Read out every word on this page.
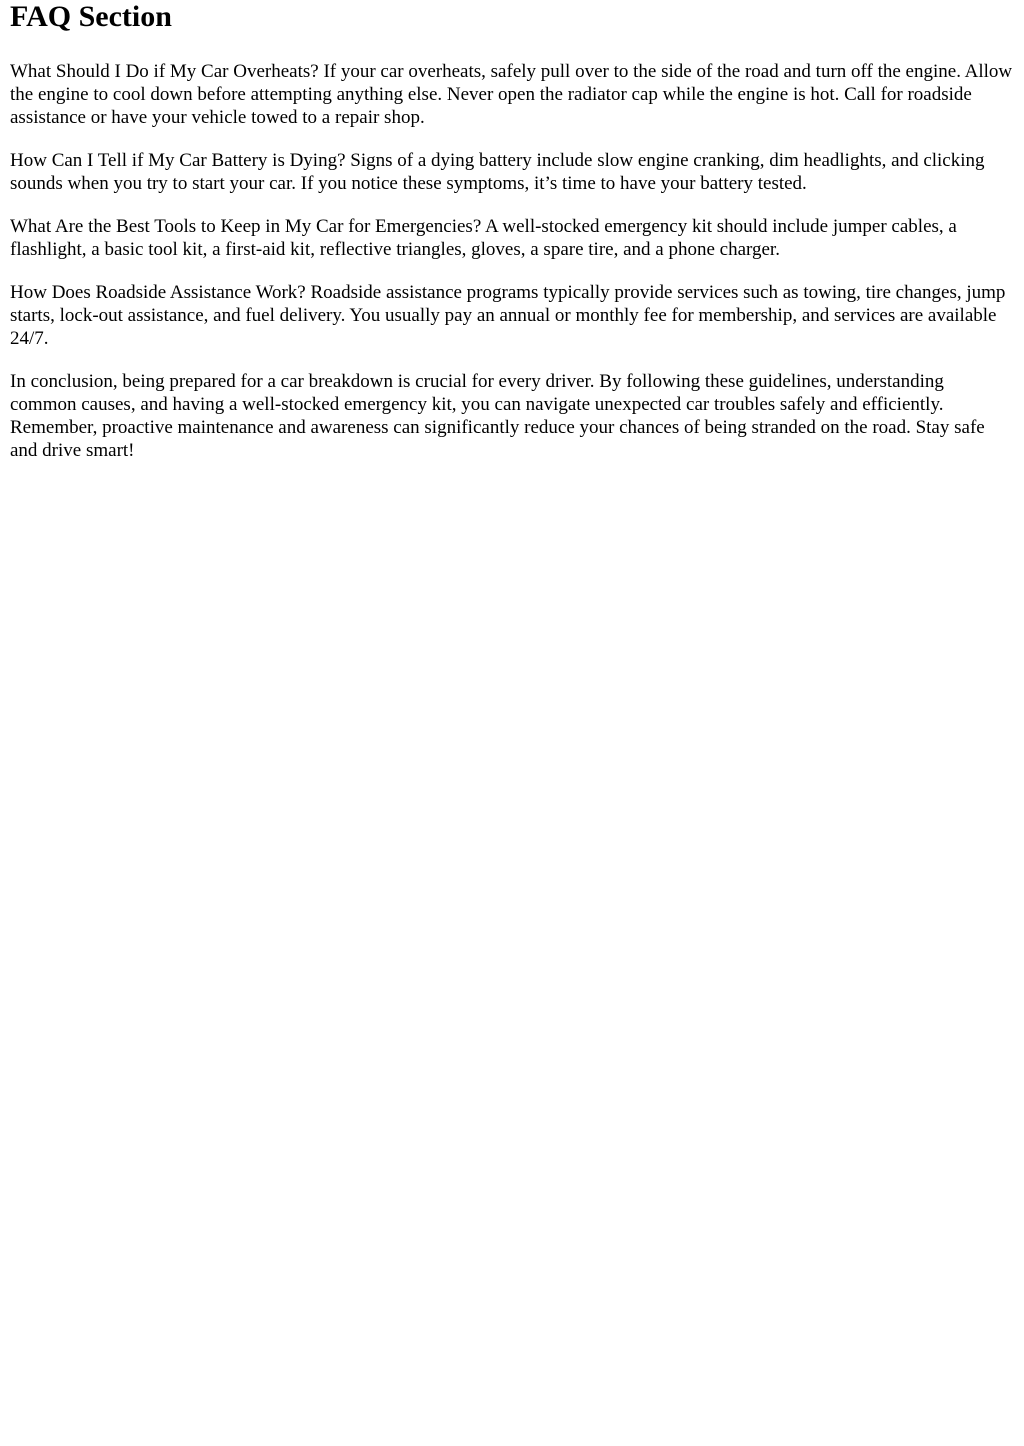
FAQ Section

What Should I Do if My Car Overheats? If your car overheats, safely pull over to the side of the road and turn off the engine. Allow the engine to cool down before attempting anything else. Never open the radiator cap while the engine is hot. Call for roadside assistance or have your vehicle towed to a repair shop.

How Can I Tell if My Car Battery is Dying? Signs of a dying battery include slow engine cranking, dim headlights, and clicking sounds when you try to start your car. If you notice these symptoms, it’s time to have your battery tested.

What Are the Best Tools to Keep in My Car for Emergencies? A well-stocked emergency kit should include jumper cables, a flashlight, a basic tool kit, a first-aid kit, reflective triangles, gloves, a spare tire, and a phone charger.

How Does Roadside Assistance Work? Roadside assistance programs typically provide services such as towing, tire changes, jump starts, lock-out assistance, and fuel delivery. You usually pay an annual or monthly fee for membership, and services are available 24/7.

In conclusion, being prepared for a car breakdown is crucial for every driver. By following these guidelines, understanding common causes, and having a well-stocked emergency kit, you can navigate unexpected car troubles safely and efficiently. Remember, proactive maintenance and awareness can significantly reduce your chances of being stranded on the road. Stay safe and drive smart!
